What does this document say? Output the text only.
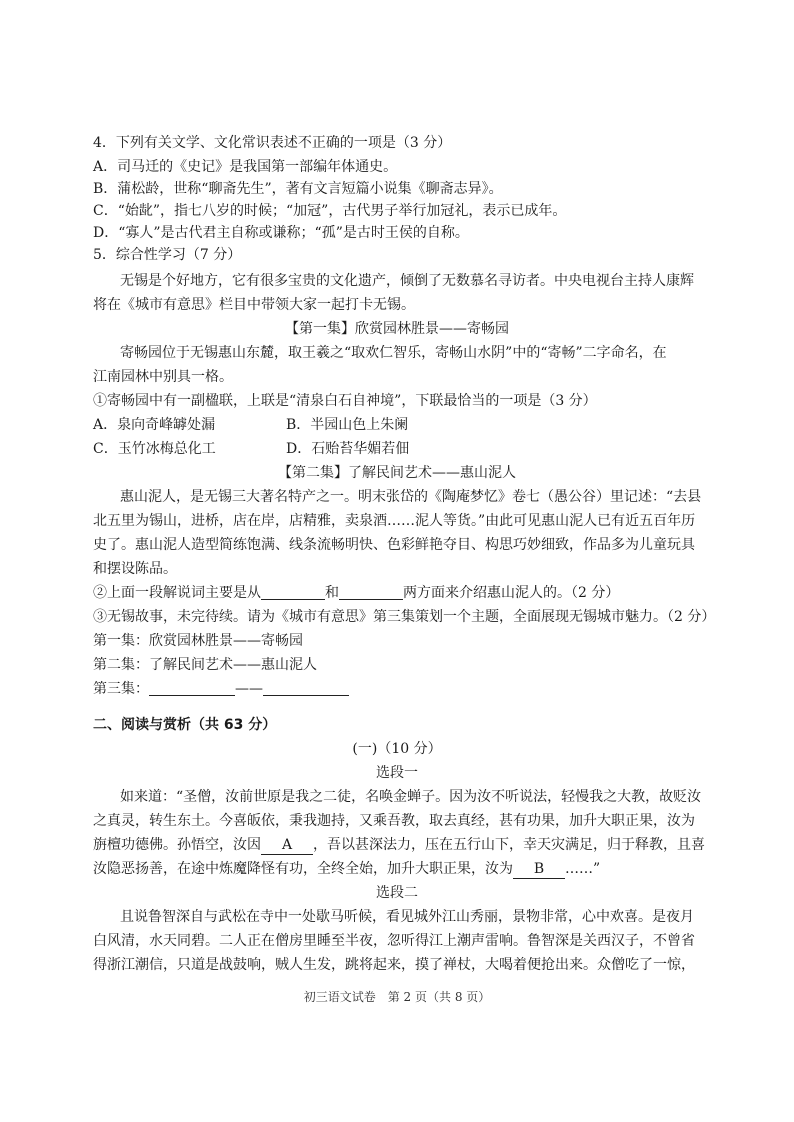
4．下列有关文学、文化常识表述不正确的一项是（3 分）
A．司马迁的《史记》是我国第一部编年体通史。
B．蒲松龄，世称“聊斋先生”，著有文言短篇小说集《聊斋志异》。
C．“始龀”，指七八岁的时候；“加冠”，古代男子举行加冠礼，表示已成年。
D．“寡人”是古代君主自称或谦称；“孤”是古时王侯的自称。
5．综合性学习（7 分）
无锡是个好地方，它有很多宝贵的文化遗产，倾倒了无数慕名寻访者。中央电视台主持人康辉
将在《城市有意思》栏目中带领大家一起打卡无锡。
【第一集】欣赏园林胜景——寄畅园
寄畅园位于无锡惠山东麓，取王羲之“取欢仁智乐，寄畅山水阴”中的“寄畅”二字命名，在
江南园林中别具一格。
①寄畅园中有一副楹联，上联是“清泉白石自神境”，下联最恰当的一项是（3 分）
A．泉向奇峰罅处漏	B．半园山色上朱阑
C．玉竹冰梅总化工	D．石贻苔华媚若佃
【第二集】了解民间艺术——惠山泥人
惠山泥人，是无锡三大著名特产之一。明末张岱的《陶庵梦忆》卷七（愚公谷）里记述：“去县
北五里为锡山，进桥，店在岸，店精雅，卖泉酒……泥人等货。”由此可见惠山泥人已有近五百年历
史了。惠山泥人造型简练饱满、线条流畅明快、色彩鲜艳夺目、构思巧妙细致，作品多为儿童玩具
和摆设陈品。
②上面一段解说词主要是从	和	两方面来介绍惠山泥人的。（2 分）
③无锡故事，未完待续。请为《城市有意思》第三集策划一个主题，全面展现无锡城市魅力。（2 分）
第一集：欣赏园林胜景——寄畅园
第二集：了解民间艺术——惠山泥人
第三集：	——
二、阅读与赏析（共 63 分）
(一)（10 分）
选段一
如来道：“圣僧，汝前世原是我之二徒，名唤金蝉子。因为汝不听说法，轻慢我之大教，故贬汝
之真灵，转生东土。今喜皈依，秉我迦持，又乘吾教，取去真经，甚有功果，加升大职正果，汝为
旃檀功德佛。孙悟空，汝因 A ，吾以甚深法力，压在五行山下，幸天灾满足，归于释教，且喜
汝隐恶扬善，在途中炼魔降怪有功，全终全始，加升大职正果，汝为 B ……”
选段二
且说鲁智深自与武松在寺中一处歇马听候，看见城外江山秀丽，景物非常，心中欢喜。是夜月
白风清，水天同碧。二人正在僧房里睡至半夜，忽听得江上潮声雷响。鲁智深是关西汉子，不曾省
得浙江潮信，只道是战鼓响，贼人生发，跳将起来，摸了禅杖，大喝着便抢出来。众僧吃了一惊，
初三语文试卷　第 2 页（共 8 页）
